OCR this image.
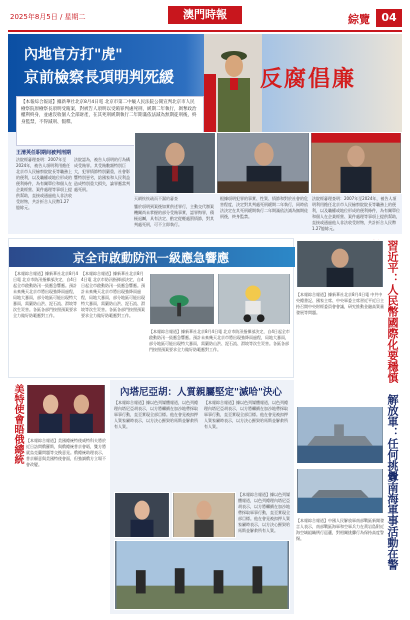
2025年8月5日 / 星期二	澳門時報	綜覽	04
內地官方打"虎"
京前檢察長項明判死緩	反腐倡廉
【本報綜合報道】據新華社北京8月4日電 北京市第二中級人民法院公開宣判北京市人民檢察院原檢察長項明受賄案，對被告人項明以受賄罪判處死刑，緩期二年執行，剝奪政治權利終身，並處沒收個人全部財產，在其死刑緩期執行二年期滿依法減為無期徒刑後，終身監禁，不得減刑、假釋。
王清英任职期间被判刑期
法院經審理查明：2007年至2024年，被告人項明利用擔任北京市人民檢察院院長等職務上的便利，以及職權或地位形成的便利條件，為有關單位和個人在企業經營、案件處理等事項上提供幫助，直接或通過他人非法收受財物，共計折合人民幣1.27億餘元。
法院認為，被告人項明的行為構成受賄罪。其受賄數額特別巨大，犯罪情節特別嚴重，社會影響特別惡劣，給國家和人民利益造成特別重大損失，論罪應當判處死刑。
天網恢恢疏而不漏的審查
鑒於項明到案後如實供述罪行，主動交代辦案機關尚未掌握的部分受賄事實，認罪悔罪，積極退贓，具有法定、酌定從輕處罰情節，對其判處死刑，可不立即執行。
根據項明犯罪的事實、性質、情節和對於社會的危害程度，決定對其判處死刑緩期二年執行，同時依法決定在其死刑緩期執行二年期滿依法減為無期徒刑後，終身監禁。
法院經審理查明：2007年至2024年，被告人項明利用擔任北京市人民檢察院院長等職務上的便利，以及職權或地位形成的便利條件，為有關單位和個人在企業經營、案件處理等事項上提供幫助，直接或通過他人非法收受財物，共計折合人民幣1.27億餘元。
京全市啟動防汛一級應急響應
【本報綜合報道】據新華社北京8月4日電 北京市防汛指揮部決定，自4日起全市啟動防汛一級應急響應。預計未來幾天北京市將出現強降雨過程，局地大暴雨，部分地區可能出現特大暴雨，需嚴防山洪、泥石流、滑坡等次生災害。各區各部門按照預案要求全力做好防範應對工作。
【本報綜合報道】據新華社北京8月4日電 北京市防汛指揮部決定，自4日起全市啟動防汛一級應急響應。預計未來幾天北京市將出現強降雨過程，局地大暴雨，部分地區可能出現特大暴雨，需嚴防山洪、泥石流、滑坡等次生災害。各區各部門按照預案要求全力做好防範應對工作。
【本報綜合報道】據新華社北京8月4日電 北京市防汛指揮部決定，自4日起全市啟動防汛一級應急響應。預計未來幾天北京市將出現強降雨過程，局地大暴雨，部分地區可能出現特大暴雨，需嚴防山洪、泥石流、滑坡等次生災害。各區各部門按照預案要求全力做好防範應對工作。
習近平：人民幣國際化要穩慎
【本報綜合報道】據新華社北京8月4日電 中共中央總書記、國家主席、中央軍委主席習近平近日主持召開中央財經委員會會議，研究推動金融高質量發展等問題。
解放軍：任何挑釁南海軍事活動在警
【本報綜合報道】中國人民解放軍南部戰區新聞發言人表示，南部戰區海軍和空軍兵力在黃岩島附近海空域組織例行巡邏，對相關挑釁行為保持高度警惕。
美特使會晤俄總統 【本報綜合報道】美國總統特使威特科夫將於近日訪問俄羅斯，與俄總統普京會晤，雙方將就烏克蘭問題等交換意見。俄總統助理表示，普京願意與美國特使會面，但強調俄方立場不會改變。
內塔尼亞胡：人質親屬堅定"滅哈"決心
【本報綜合報道】據以色列媒體報道，以色列總理內塔尼亞胡表示，以方將繼續在加沙地帶採取軍事行動，直至實現全部目標。他在會見被扣押人質家屬時表示，以方決心摧毀哈馬斯並解救所有人質。
【本報綜合報道】據以色列媒體報道，以色列總理內塔尼亞胡表示，以方將繼續在加沙地帶採取軍事行動，直至實現全部目標。他在會見被扣押人質家屬時表示，以方決心摧毀哈馬斯並解救所有人質。
【本報綜合報道】據以色列媒體報道，以色列總理內塔尼亞胡表示，以方將繼續在加沙地帶採取軍事行動，直至實現全部目標。他在會見被扣押人質家屬時表示，以方決心摧毀哈馬斯並解救所有人質。
